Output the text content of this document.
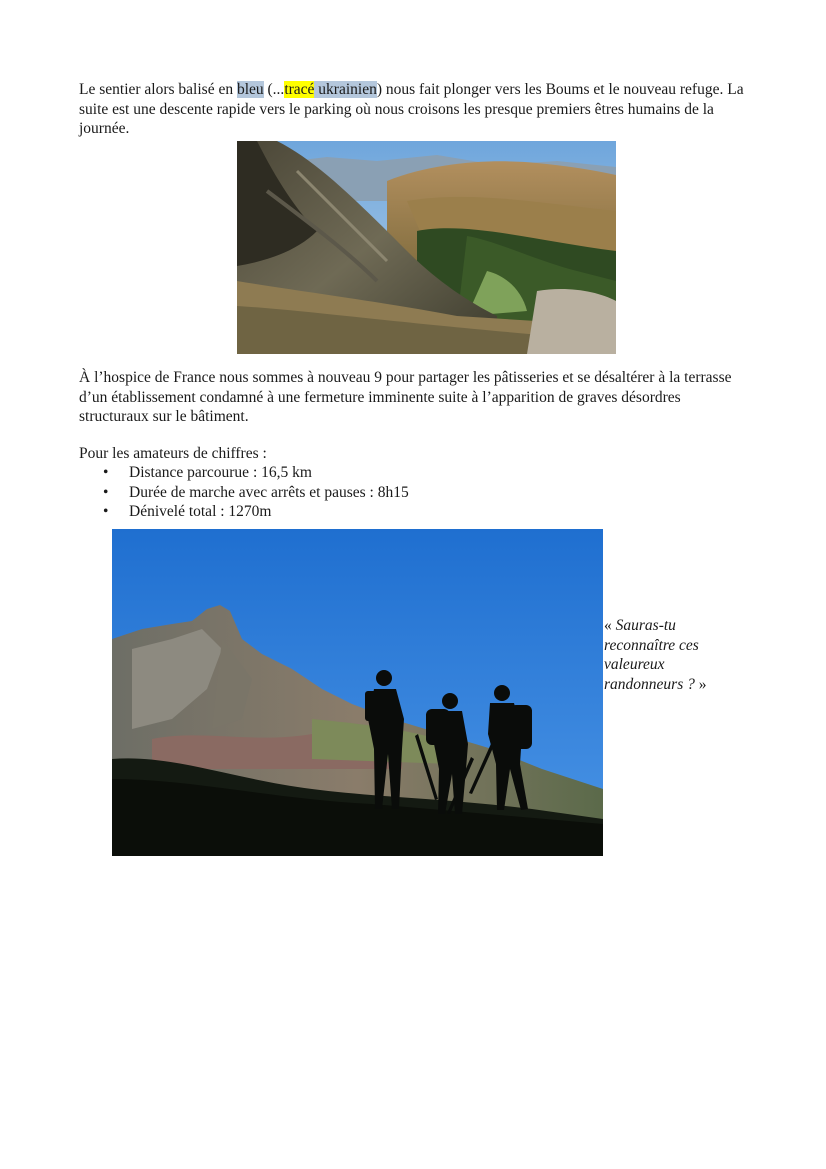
Le sentier alors balisé en bleu (...tracé ukrainien) nous fait plonger vers les Boums et le nouveau refuge. La suite est une descente rapide vers le parking où nous croisons les presque premiers êtres humains de la journée.

À l’hospice de France nous sommes à nouveau 9 pour partager les pâtisseries et se désaltérer à la terrasse d’un établissement condamné à une fermeture imminente suite à l’apparition de graves désordres structuraux sur le bâtiment.

Pour les amateurs de chiffres :

• Distance parcourue : 16,5 km
• Durée de marche avec arrêts et pauses : 8h15
• Dénivelé total : 1270m
« Sauras-tu reconnaître ces valeureux randonneurs ? »
